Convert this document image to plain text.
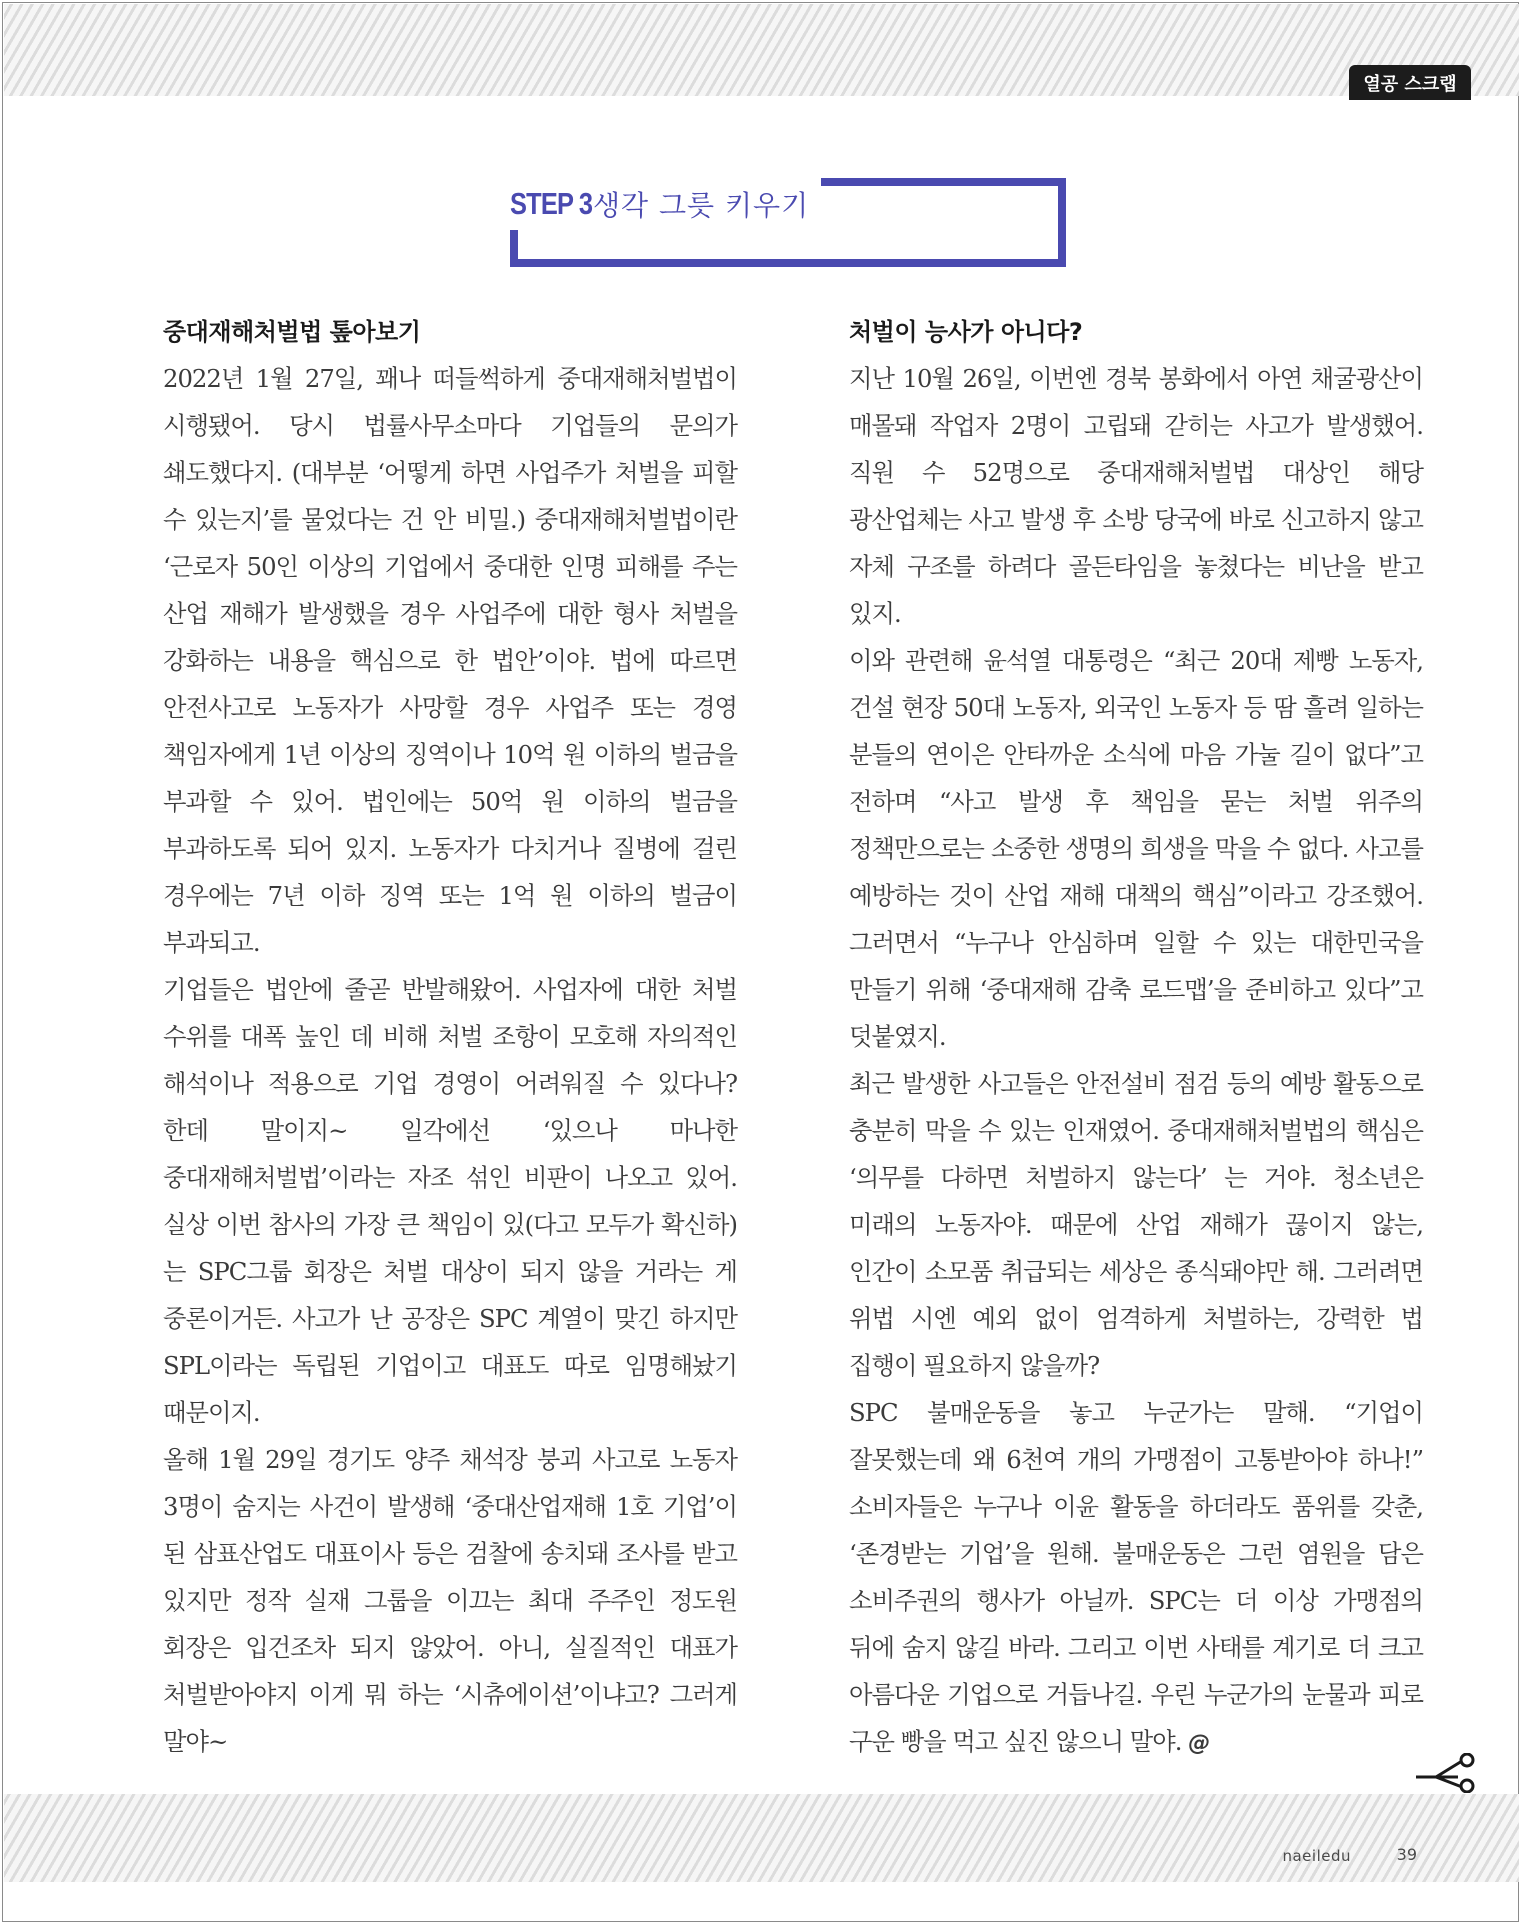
열공 스크랩
STEP 3 생각 그릇 키우기
중대재해처벌법 톺아보기

2022년 1월 27일, 꽤나 떠들썩하게 중대재해처벌법이 시행됐어. 당시 법률사무소마다 기업들의 문의가 쇄도했다지. (대부분 ‘어떻게 하면 사업주가 처벌을 피할 수 있는지’를 물었다는 건 안 비밀.) 중대재해처벌법이란 ‘근로자 50인 이상의 기업에서 중대한 인명 피해를 주는 산업 재해가 발생했을 경우 사업주에 대한 형사 처벌을 강화하는 내용을 핵심으로 한 법안’이야. 법에 따르면 안전사고로 노동자가 사망할 경우 사업주 또는 경영 책임자에게 1년 이상의 징역이나 10억 원 이하의 벌금을 부과할 수 있어. 법인에는 50억 원 이하의 벌금을 부과하도록 되어 있지. 노동자가 다치거나 질병에 걸린 경우에는 7년 이하 징역 또는 1억 원 이하의 벌금이 부과되고.

기업들은 법안에 줄곧 반발해왔어. 사업자에 대한 처벌 수위를 대폭 높인 데 비해 처벌 조항이 모호해 자의적인 해석이나 적용으로 기업 경영이 어려워질 수 있다나? 한데 말이지~ 일각에선 ‘있으나 마나한 중대재해처벌법’이라는 자조 섞인 비판이 나오고 있어. 실상 이번 참사의 가장 큰 책임이 있(다고 모두가 확신하)는 SPC그룹 회장은 처벌 대상이 되지 않을 거라는 게 중론이거든. 사고가 난 공장은 SPC 계열이 맞긴 하지만 SPL이라는 독립된 기업이고 대표도 따로 임명해놨기 때문이지.

올해 1월 29일 경기도 양주 채석장 붕괴 사고로 노동자 3명이 숨지는 사건이 발생해 ‘중대산업재해 1호 기업’이 된 삼표산업도 대표이사 등은 검찰에 송치돼 조사를 받고 있지만 정작 실재 그룹을 이끄는 최대 주주인 정도원 회장은 입건조차 되지 않았어. 아니, 실질적인 대표가 처벌받아야지 이게 뭐 하는 ‘시츄에이션’이냐고? 그러게 말야~

처벌이 능사가 아니다?

지난 10월 26일, 이번엔 경북 봉화에서 아연 채굴광산이 매몰돼 작업자 2명이 고립돼 갇히는 사고가 발생했어. 직원 수 52명으로 중대재해처벌법 대상인 해당 광산업체는 사고 발생 후 소방 당국에 바로 신고하지 않고 자체 구조를 하려다 골든타임을 놓쳤다는 비난을 받고 있지.

이와 관련해 윤석열 대통령은 “최근 20대 제빵 노동자, 건설 현장 50대 노동자, 외국인 노동자 등 땀 흘려 일하는 분들의 연이은 안타까운 소식에 마음 가눌 길이 없다”고 전하며 “사고 발생 후 책임을 묻는 처벌 위주의 정책만으로는 소중한 생명의 희생을 막을 수 없다. 사고를 예방하는 것이 산업 재해 대책의 핵심”이라고 강조했어. 그러면서 “누구나 안심하며 일할 수 있는 대한민국을 만들기 위해 ‘중대재해 감축 로드맵’을 준비하고 있다”고 덧붙였지.

최근 발생한 사고들은 안전설비 점검 등의 예방 활동으로 충분히 막을 수 있는 인재였어. 중대재해처벌법의 핵심은 ‘의무를 다하면 처벌하지 않는다’ 는 거야. 청소년은 미래의 노동자야. 때문에 산업 재해가 끊이지 않는, 인간이 소모품 취급되는 세상은 종식돼야만 해. 그러려면 위법 시엔 예외 없이 엄격하게 처벌하는, 강력한 법 집행이 필요하지 않을까?

SPC 불매운동을 놓고 누군가는 말해. “기업이 잘못했는데 왜 6천여 개의 가맹점이 고통받아야 하나!” 소비자들은 누구나 이윤 활동을 하더라도 품위를 갖춘, ‘존경받는 기업’을 원해. 불매운동은 그런 염원을 담은 소비주권의 행사가 아닐까. SPC는 더 이상 가맹점의 뒤에 숨지 않길 바라. 그리고 이번 사태를 계기로 더 크고 아름다운 기업으로 거듭나길. 우린 누군가의 눈물과 피로 구운 빵을 먹고 싶진 않으니 말야. @

naeiledu	39
